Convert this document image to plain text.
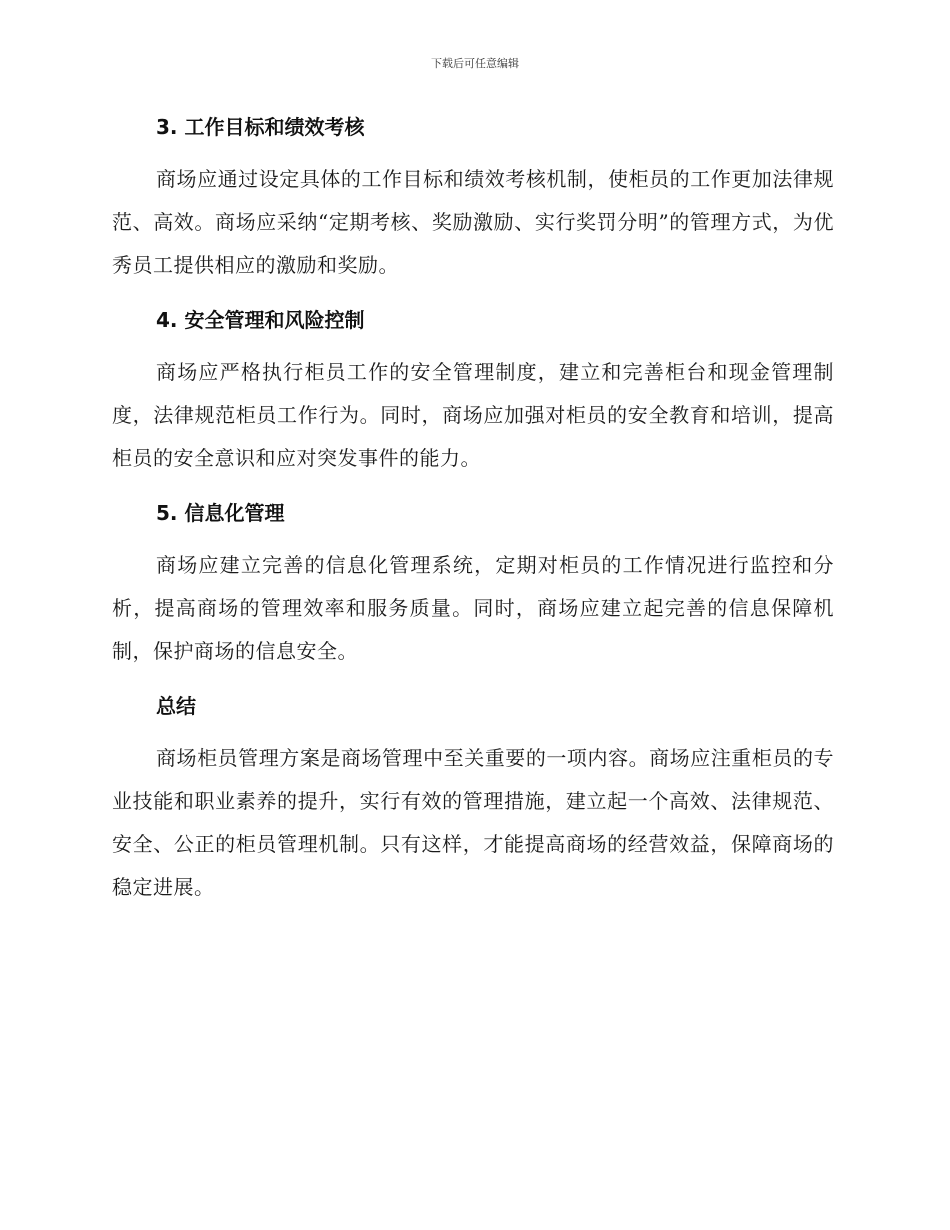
下载后可任意编辑
3. 工作目标和绩效考核

商场应通过设定具体的工作目标和绩效考核机制，使柜员的工作更加法律规范、高效。商场应采纳“定期考核、奖励激励、实行奖罚分明”的管理方式，为优秀员工提供相应的激励和奖励。

4. 安全管理和风险控制

商场应严格执行柜员工作的安全管理制度，建立和完善柜台和现金管理制度，法律规范柜员工作行为。同时，商场应加强对柜员的安全教育和培训，提高柜员的安全意识和应对突发事件的能力。

5. 信息化管理

商场应建立完善的信息化管理系统，定期对柜员的工作情况进行监控和分析，提高商场的管理效率和服务质量。同时，商场应建立起完善的信息保障机制，保护商场的信息安全。

总结

商场柜员管理方案是商场管理中至关重要的一项内容。商场应注重柜员的专业技能和职业素养的提升，实行有效的管理措施，建立起一个高效、法律规范、安全、公正的柜员管理机制。只有这样，才能提高商场的经营效益，保障商场的稳定进展。
